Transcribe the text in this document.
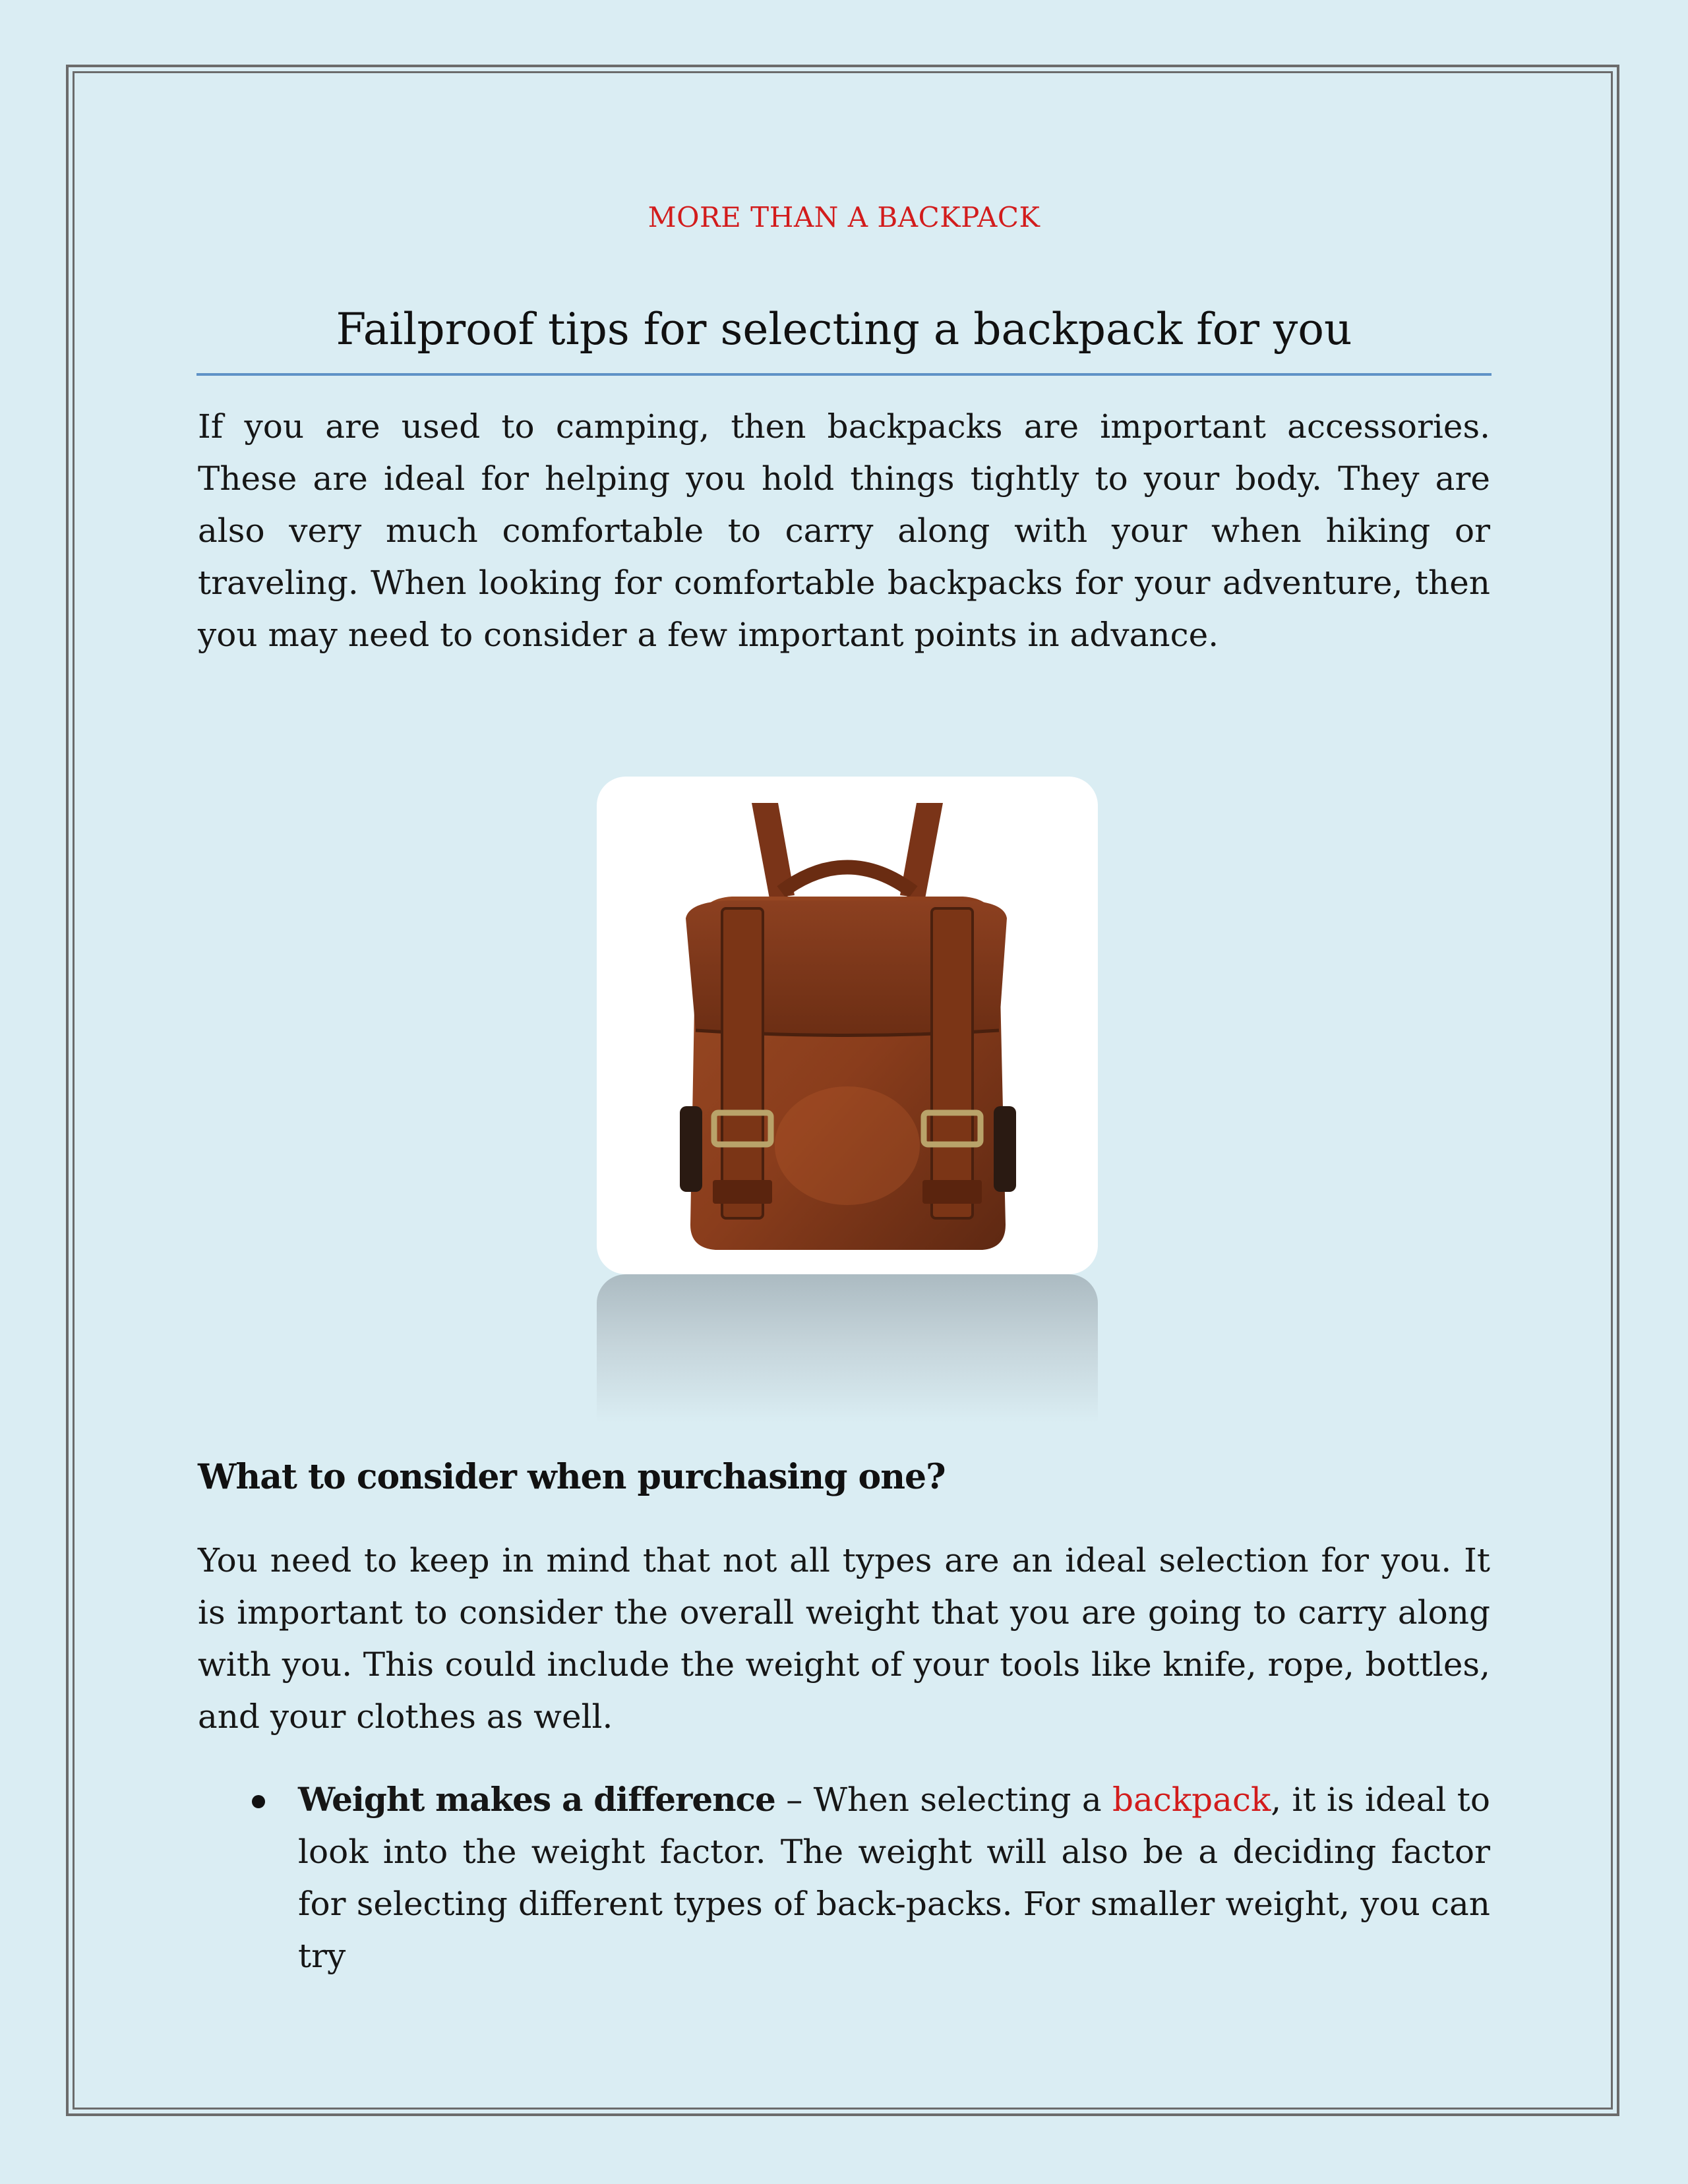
MORE THAN A BACKPACK
Failproof tips for selecting a backpack for you

If you are used to camping, then backpacks are important accessories. These are ideal for helping you hold things tightly to your body. They are also very much comfortable to carry along with your when hiking or traveling. When looking for comfortable backpacks for your adventure, then you may need to consider a few important points in advance.

What to consider when purchasing one?

You need to keep in mind that not all types are an ideal selection for you. It is important to consider the overall weight that you are going to carry along with you. This could include the weight of your tools like knife, rope, bottles, and your clothes as well.

Weight makes a difference – When selecting a backpack, it is ideal to look into the weight factor. The weight will also be a deciding factor for selecting different types of back-packs. For smaller weight, you can try
